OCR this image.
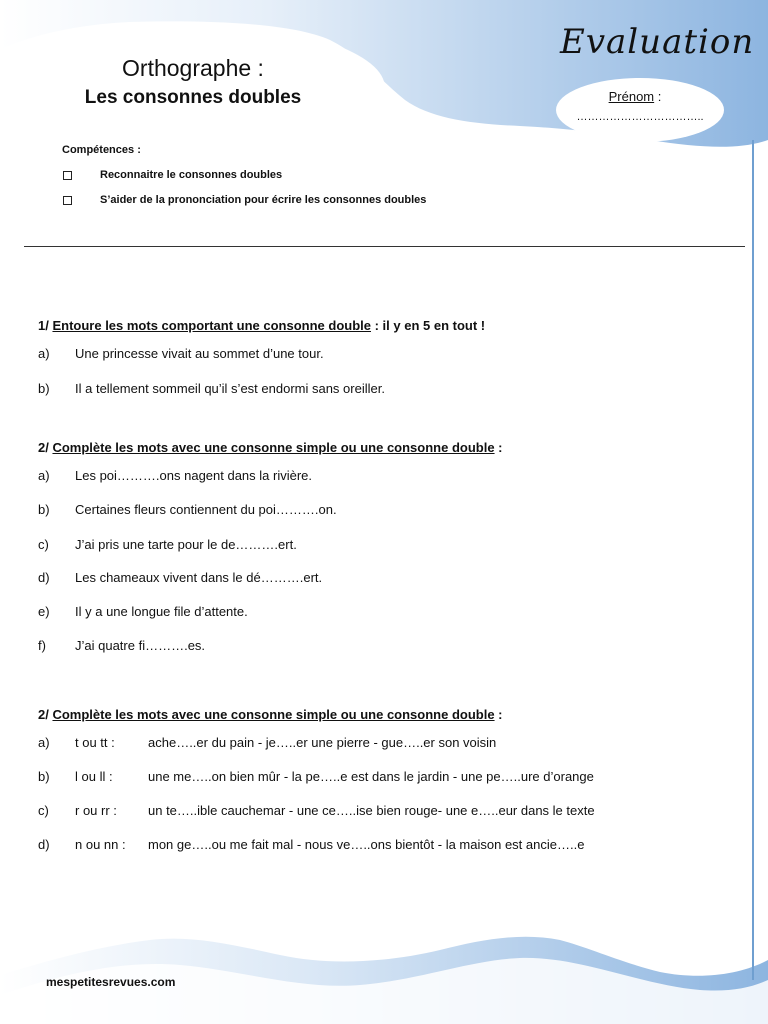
Orthographe :
Les consonnes doubles
Evaluation
Prénom :
……………………………..
Compétences :
Reconnaitre le consonnes doubles
S’aider de la prononciation pour écrire les consonnes doubles
1/ Entoure les mots comportant une consonne double : il y en 5 en tout !
a) Une princesse vivait au sommet d’une tour.
b) Il a tellement sommeil qu’il s’est endormi sans oreiller.
2/ Complète les mots avec une consonne simple ou une consonne double :
a) Les poi……….ons nagent dans la rivière.
b) Certaines fleurs contiennent du poi……….on.
c) J’ai pris une tarte pour le de……….ert.
d) Les chameaux vivent dans le dé……….ert.
e) Il y a une longue file d’attente.
f) J’ai quatre fi……….es.
2/ Complète les mots avec une consonne simple ou une consonne double :
a) t ou tt :	ache…..er du pain - je…..er une pierre - gue…..er son voisin
b) l ou ll :	une me…..on bien mûr - la pe…..e est dans le jardin - une pe…..ure d’orange
c) r ou rr : un te…..ible cauchemar - une ce…..ise bien rouge- une e…..eur dans le texte
d) n ou nn : mon ge…..ou me fait mal - nous ve…..ons bientôt - la maison est ancie…..e
mespetitesrevues.com
